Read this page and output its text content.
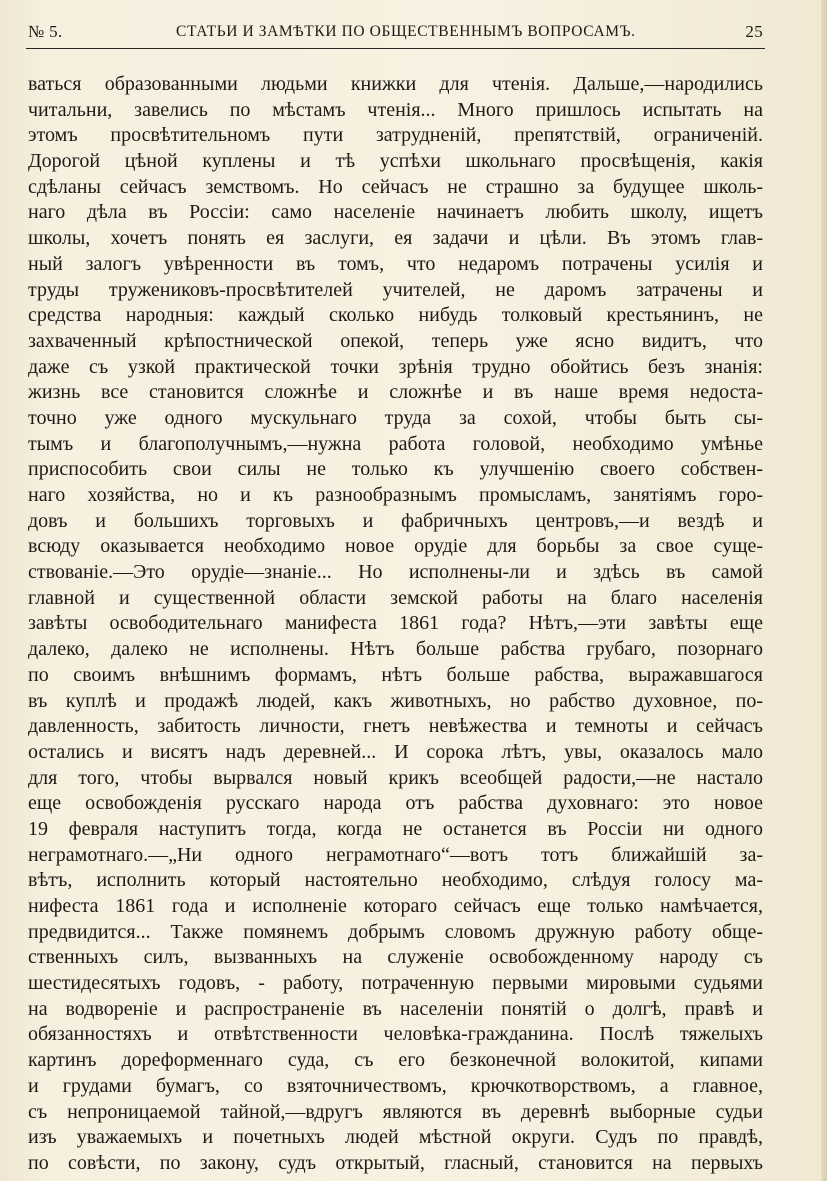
№ 5.	СТАТЬИ И ЗАМѢТКИ ПО ОБЩЕСТВЕННЫМЪ ВОПРОСАМЪ.	25
ваться образованными людьми книжки для чтенія. Дальше,—народились
читальни, завелись по мѣстамъ чтенія... Много пришлось испытать на
этомъ просвѣтительномъ пути затрудненій, препятствій, ограниченій.
Дорогой цѣной куплены и тѣ успѣхи школьнаго просвѣщенія, какія
сдѣланы сейчасъ земствомъ. Но сейчасъ не страшно за будущее школь-
наго дѣла въ Россіи: само населеніе начинаетъ любить школу, ищетъ
школы, хочетъ понять ея заслуги, ея задачи и цѣли. Въ этомъ глав-
ный залогъ увѣренности въ томъ, что недаромъ потрачены усилія и
труды тружениковъ-просвѣтителей учителей, не даромъ затрачены и
средства народныя: каждый сколько нибудь толковый крестьянинъ, не
захваченный крѣпостнической опекой, теперь уже ясно видитъ, что
даже съ узкой практической точки зрѣнія трудно обойтись безъ знанія:
жизнь все становится сложнѣе и сложнѣе и въ наше время недоста-
точно уже одного мускульнаго труда за сохой, чтобы быть сы-
тымъ и благополучнымъ,—нужна работа головой, необходимо умѣнье
приспособить свои силы не только къ улучшенію своего собствен-
наго хозяйства, но и къ разнообразнымъ промысламъ, занятіямъ горо-
довъ и большихъ торговыхъ и фабричныхъ центровъ,—и вездѣ и
всюду оказывается необходимо новое орудіе для борьбы за свое суще-
ствованіе.—Это орудіе—знаніе... Но исполнены-ли и здѣсь въ самой
главной и существенной области земской работы на благо населенія
завѣты освободительнаго манифеста 1861 года? Нѣтъ,—эти завѣты еще
далеко, далеко не исполнены. Нѣтъ больше рабства грубаго, позорнаго
по своимъ внѣшнимъ формамъ, нѣтъ больше рабства, выражавшагося
въ куплѣ и продажѣ людей, какъ животныхъ, но рабство духовное, по-
давленность, забитость личности, гнетъ невѣжества и темноты и сейчасъ
остались и висятъ надъ деревней... И сорока лѣтъ, увы, оказалось мало
для того, чтобы вырвался новый крикъ всеобщей радости,—не настало
еще освобожденія русскаго народа отъ рабства духовнаго: это новое
19 февраля наступитъ тогда, когда не останется въ Россіи ни одного
неграмотнаго.—„Ни одного неграмотнаго“—вотъ тотъ ближайшій за-
вѣтъ, исполнить который настоятельно необходимо, слѣдуя голосу ма-
нифеста 1861 года и исполненіе котораго сейчасъ еще только намѣчается,
предвидится... Также помянемъ добрымъ словомъ дружную работу обще-
ственныхъ силъ, вызванныхъ на служеніе освобожденному народу съ
шестидесятыхъ годовъ, - работу, потраченную первыми мировыми судьями
на водвореніе и распространеніе въ населеніи понятій о долгѣ, правѣ и
обязанностяхъ и отвѣтственности человѣка-гражданина. Послѣ тяжелыхъ
картинъ дореформеннаго суда, съ его безконечной волокитой, кипами
и грудами бумагъ, со взяточничествомъ, крючкотворствомъ, а главное,
съ непроницаемой тайной,—вдругъ являются въ деревнѣ выборные судьи
изъ уважаемыхъ и почетныхъ людей мѣстной округи. Судъ по правдѣ,
по совѣсти, по закону, судъ открытый, гласный, становится на первыхъ
